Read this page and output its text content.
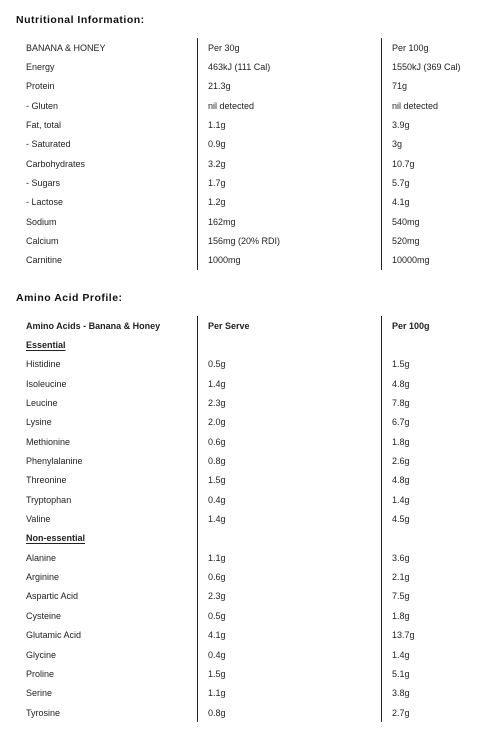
Nutritional Information:
BANANA & HONEY	Per 30g	Per 100g
Energy	463kJ (111 Cal)	1550kJ (369 Cal)
Protein	21.3g	71g
- Gluten	nil detected	nil detected
Fat, total	1.1g	3.9g
- Saturated	0.9g	3g
Carbohydrates	3.2g	10.7g
- Sugars	1.7g	5.7g
- Lactose	1.2g	4.1g
Sodium	162mg	540mg
Calcium	156mg (20% RDI)	520mg
Carnitine	1000mg	10000mg
Amino Acid Profile:
Amino Acids - Banana & Honey	Per Serve	Per 100g
Essential		
Histidine	0.5g	1.5g
Isoleucine	1.4g	4.8g
Leucine	2.3g	7.8g
Lysine	2.0g	6.7g
Methionine	0.6g	1.8g
Phenylalanine	0.8g	2.6g
Threonine	1.5g	4.8g
Tryptophan	0.4g	1.4g
Valine	1.4g	4.5g
Non-essential		
Alanine	1.1g	3.6g
Arginine	0.6g	2.1g
Aspartic Acid	2.3g	7.5g
Cysteine	0.5g	1.8g
Glutamic Acid	4.1g	13.7g
Glycine	0.4g	1.4g
Proline	1.5g	5.1g
Serine	1.1g	3.8g
Tyrosine	0.8g	2.7g
